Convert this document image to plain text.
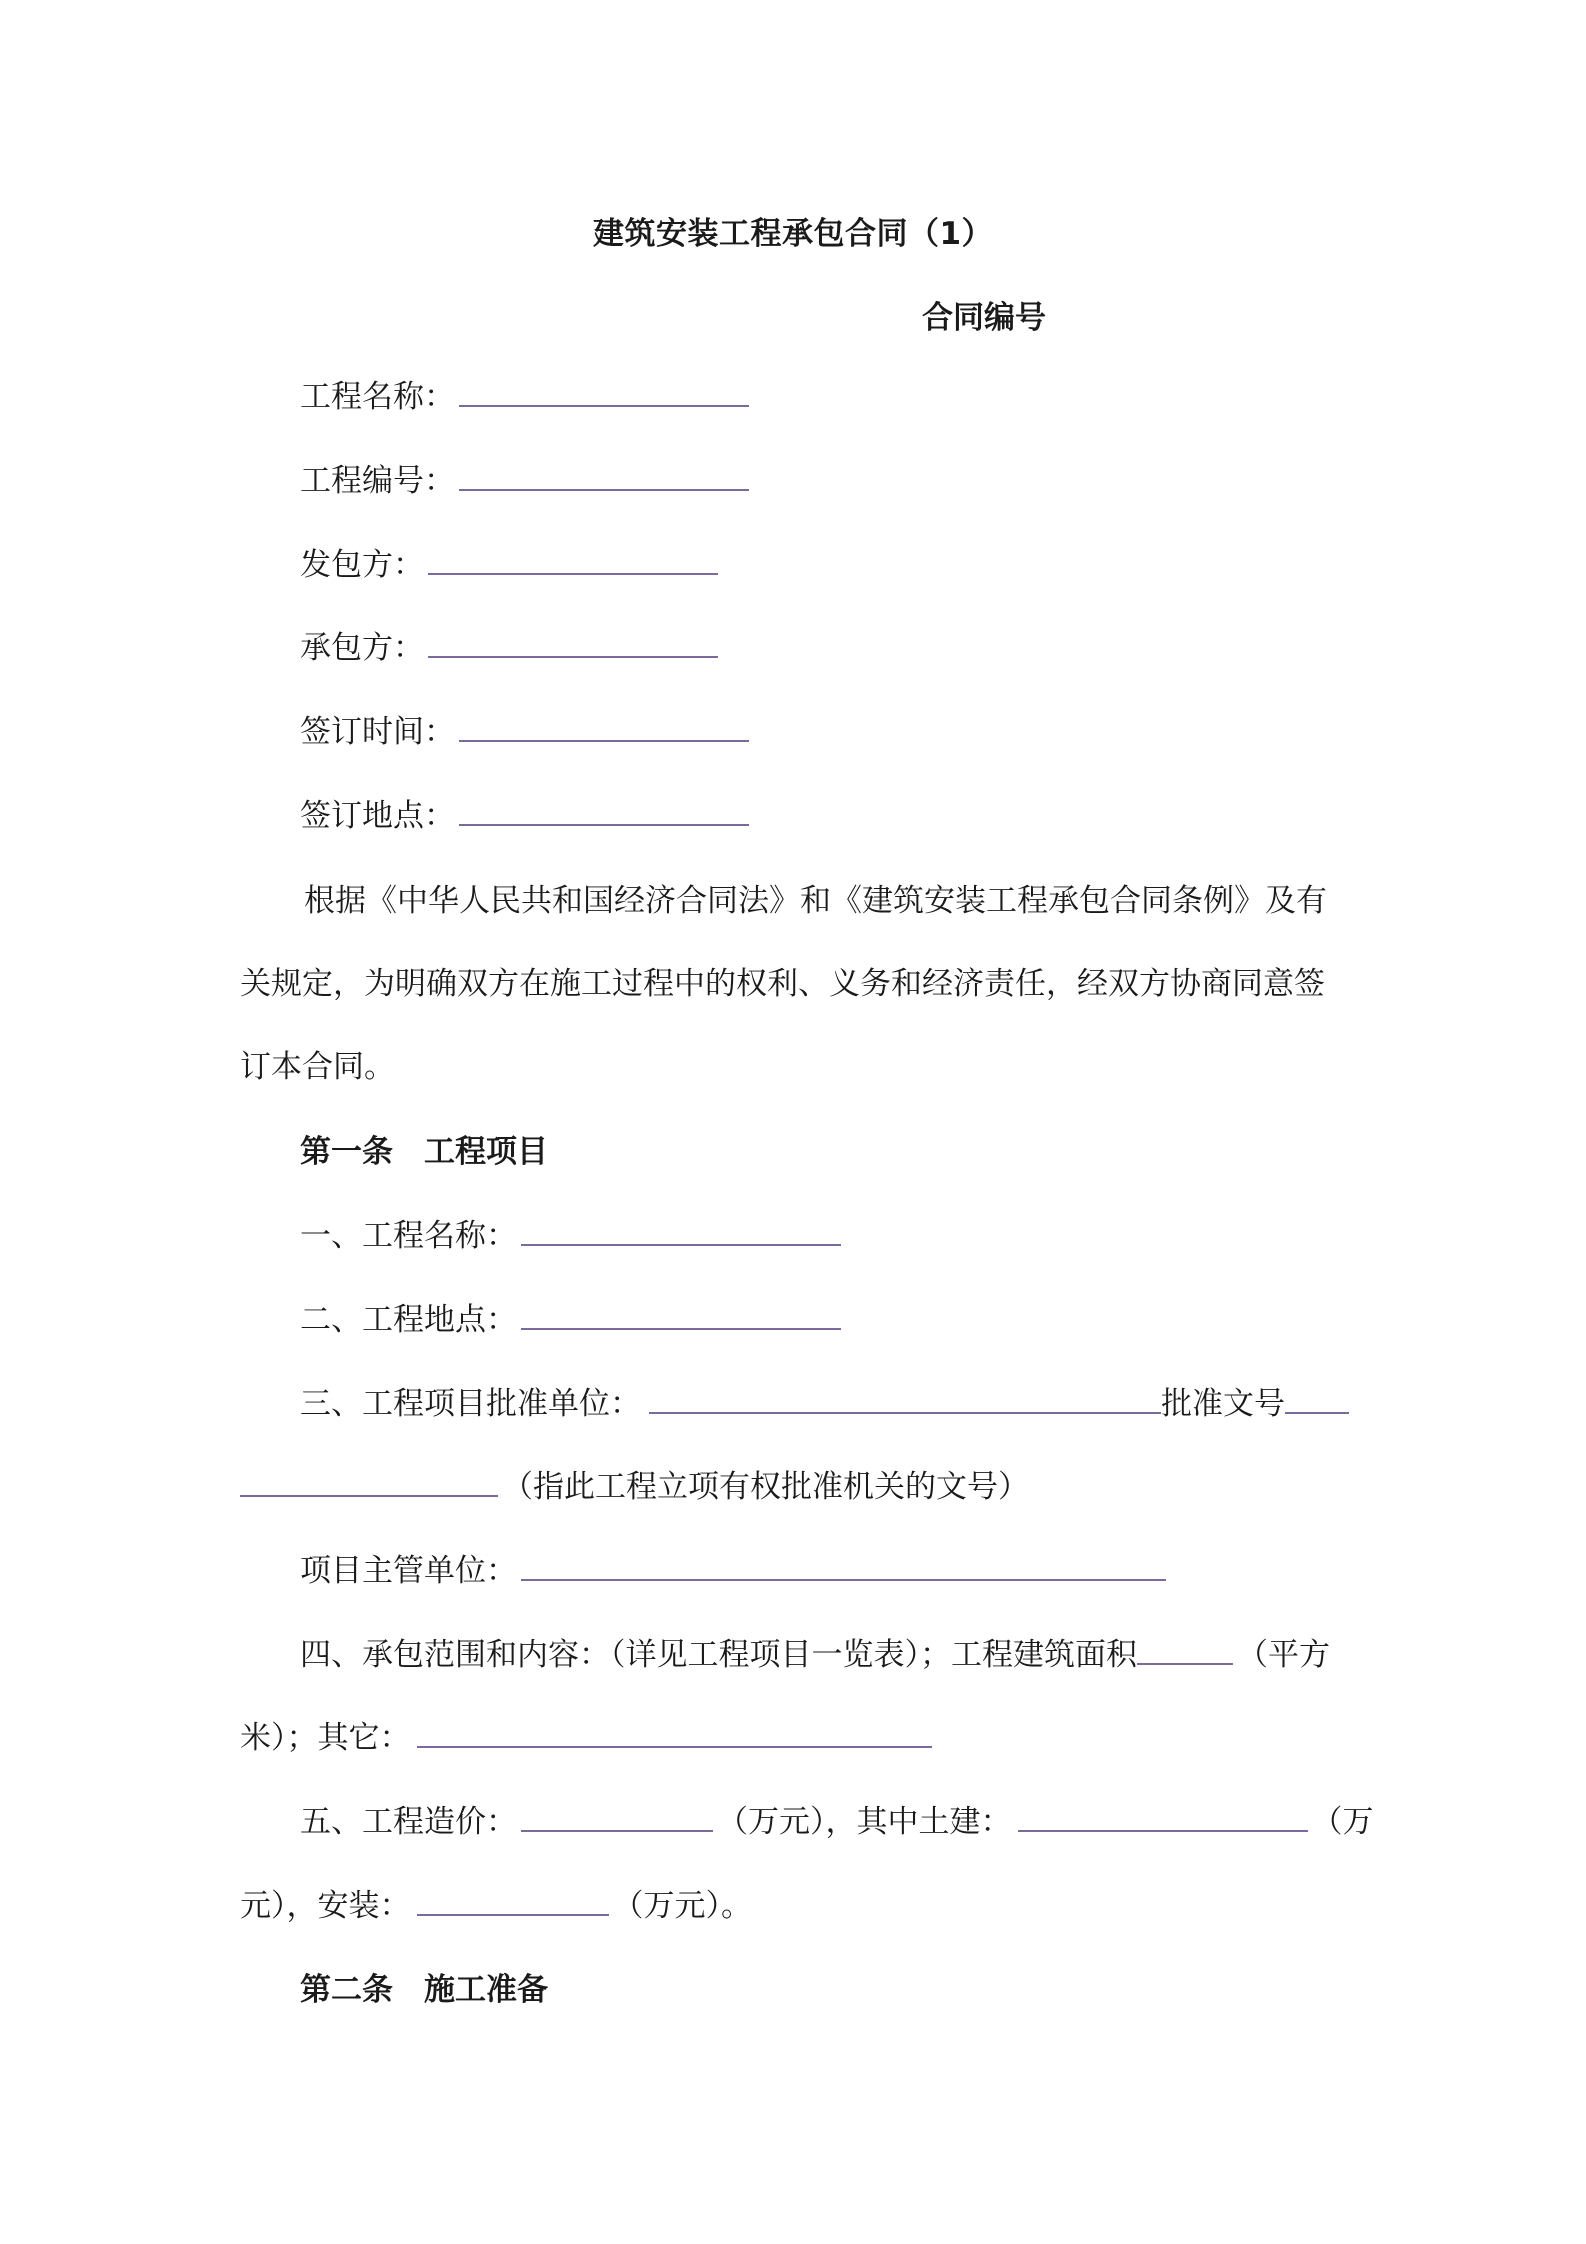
建筑安装工程承包合同（1）
合同编号
工程名称：
工程编号：
发包方：
承包方：
签订时间：
签订地点：
根据《中华人民共和国经济合同法》和《建筑安装工程承包合同条例》及有关规定，为明确双方在施工过程中的权利、义务和经济责任，经双方协商同意签订本合同。
第一条　工程项目
一、工程名称：
二、工程地点：
三、工程项目批准单位：	批准文号
（指此工程立项有权批准机关的文号）
项目主管单位：
四、承包范围和内容：（详见工程项目一览表）；工程建筑面积	（平方
米）；其它：
五、工程造价：	（万元），其中土建：	（万
元），安装：	（万元）。
第二条　施工准备
